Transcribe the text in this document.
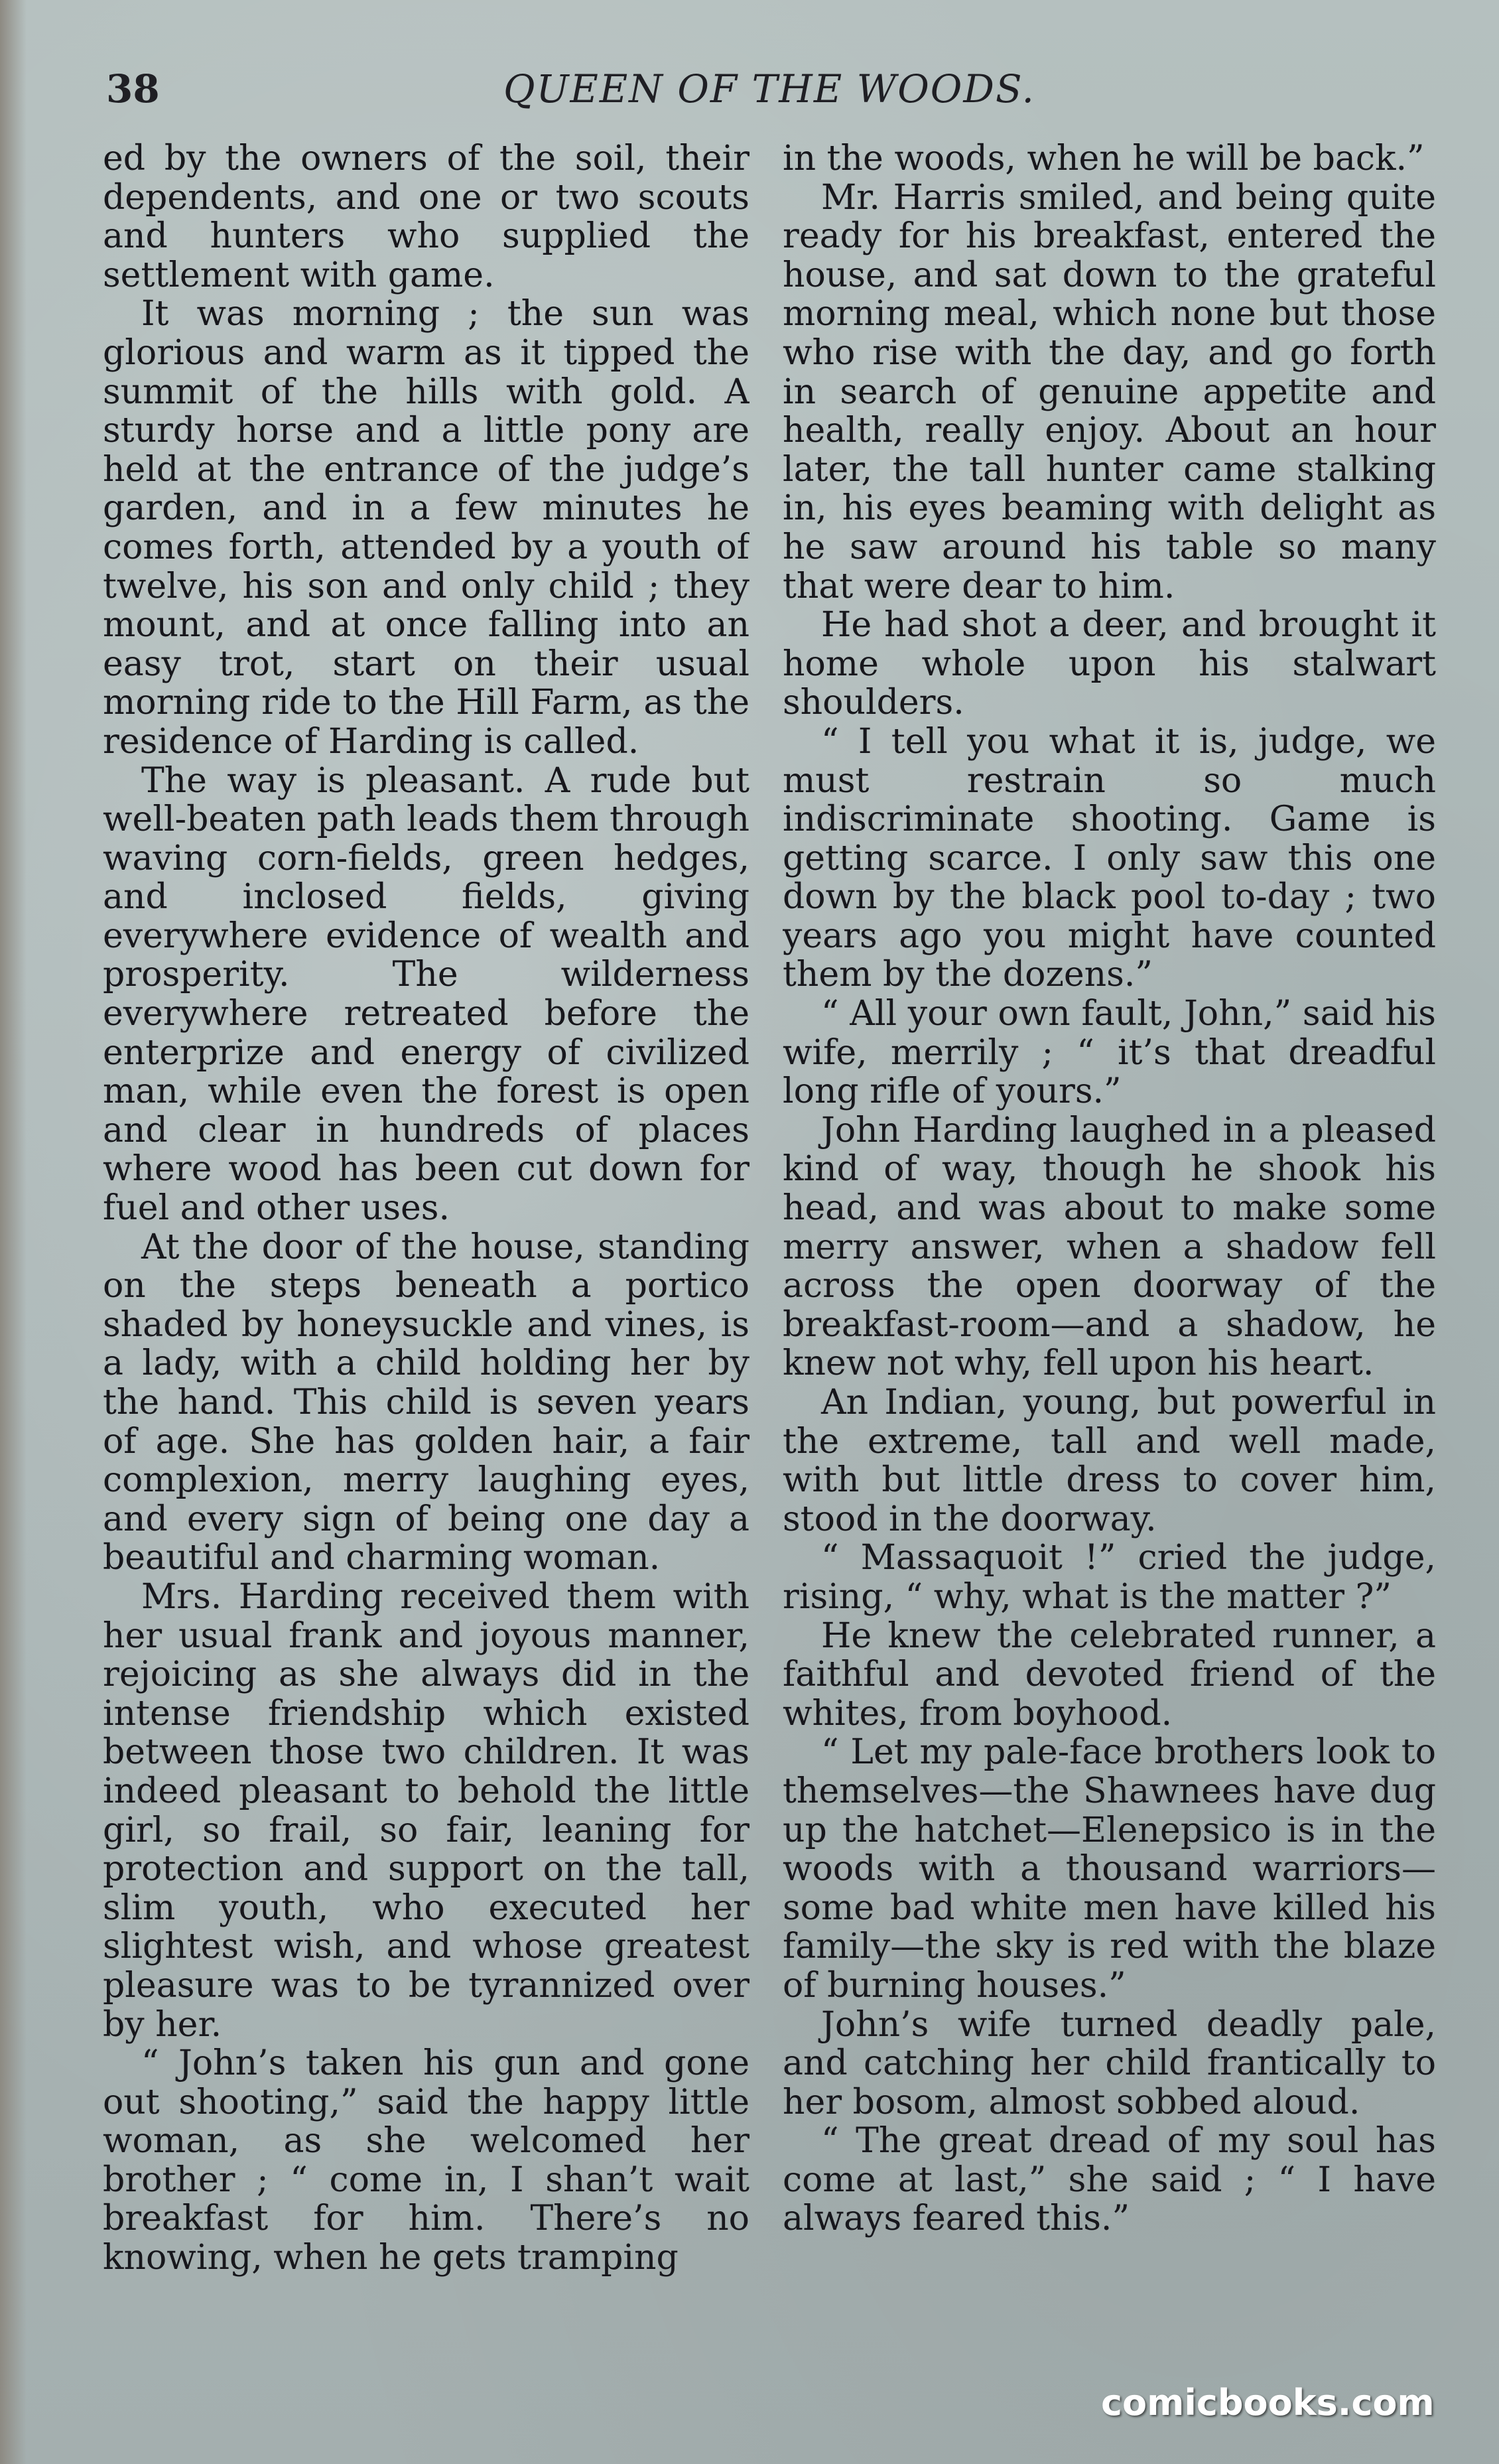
QUEEN OF THE WOODS.
38

ed by the owners of the soil, their dependents, and one or two scouts and hunters who supplied the settlement with game.

It was morning ; the sun was glorious and warm as it tipped the summit of the hills with gold. A sturdy horse and a little pony are held at the entrance of the judge’s garden, and in a few minutes he comes forth, attended by a youth of twelve, his son and only child ; they mount, and at once falling into an easy trot, start on their usual morning ride to the Hill Farm, as the residence of Harding is called.

The way is pleasant. A rude but well-beaten path leads them through waving corn-fields, green hedges, and inclosed fields, giving everywhere evidence of wealth and prosperity. The wilderness everywhere retreated before the enterprize and energy of civilized man, while even the forest is open and clear in hundreds of places where wood has been cut down for fuel and other uses.

At the door of the house, standing on the steps beneath a portico shaded by honeysuckle and vines, is a lady, with a child holding her by the hand. This child is seven years of age. She has golden hair, a fair complexion, merry laughing eyes, and every sign of being one day a beautiful and charming woman.

Mrs. Harding received them with her usual frank and joyous manner, rejoicing as she always did in the intense friendship which existed between those two children. It was indeed pleasant to behold the little girl, so frail, so fair, leaning for protection and support on the tall, slim youth, who executed her slightest wish, and whose greatest pleasure was to be tyrannized over by her.

“ John’s taken his gun and gone out shooting,” said the happy little woman, as she welcomed her brother ; “ come in, I shan’t wait breakfast for him. There’s no knowing, when he gets tramping

in the woods, when he will be back.”

Mr. Harris smiled, and being quite ready for his breakfast, entered the house, and sat down to the grateful morning meal, which none but those who rise with the day, and go forth in search of genuine appetite and health, really enjoy. About an hour later, the tall hunter came stalking in, his eyes beaming with delight as he saw around his table so many that were dear to him.

He had shot a deer, and brought it home whole upon his stalwart shoulders.

“ I tell you what it is, judge, we must restrain so much indiscriminate shooting. Game is getting scarce. I only saw this one down by the black pool to-day ; two years ago you might have counted them by the dozens.”

“ All your own fault, John,” said his wife, merrily ; “ it’s that dreadful long rifle of yours.”

John Harding laughed in a pleased kind of way, though he shook his head, and was about to make some merry answer, when a shadow fell across the open doorway of the breakfast-room—and a shadow, he knew not why, fell upon his heart.

An Indian, young, but powerful in the extreme, tall and well made, with but little dress to cover him, stood in the doorway.

“ Massaquoit !” cried the judge, rising, “ why, what is the matter ?”

He knew the celebrated runner, a faithful and devoted friend of the whites, from boyhood.

“ Let my pale-face brothers look to themselves—the Shawnees have dug up the hatchet—Elenepsico is in the woods with a thousand warriors—some bad white men have killed his family—the sky is red with the blaze of burning houses.”

John’s wife turned deadly pale, and catching her child frantically to her bosom, almost sobbed aloud.

“ The great dread of my soul has come at last,” she said ; “ I have always feared this.”

comicbooks.com
